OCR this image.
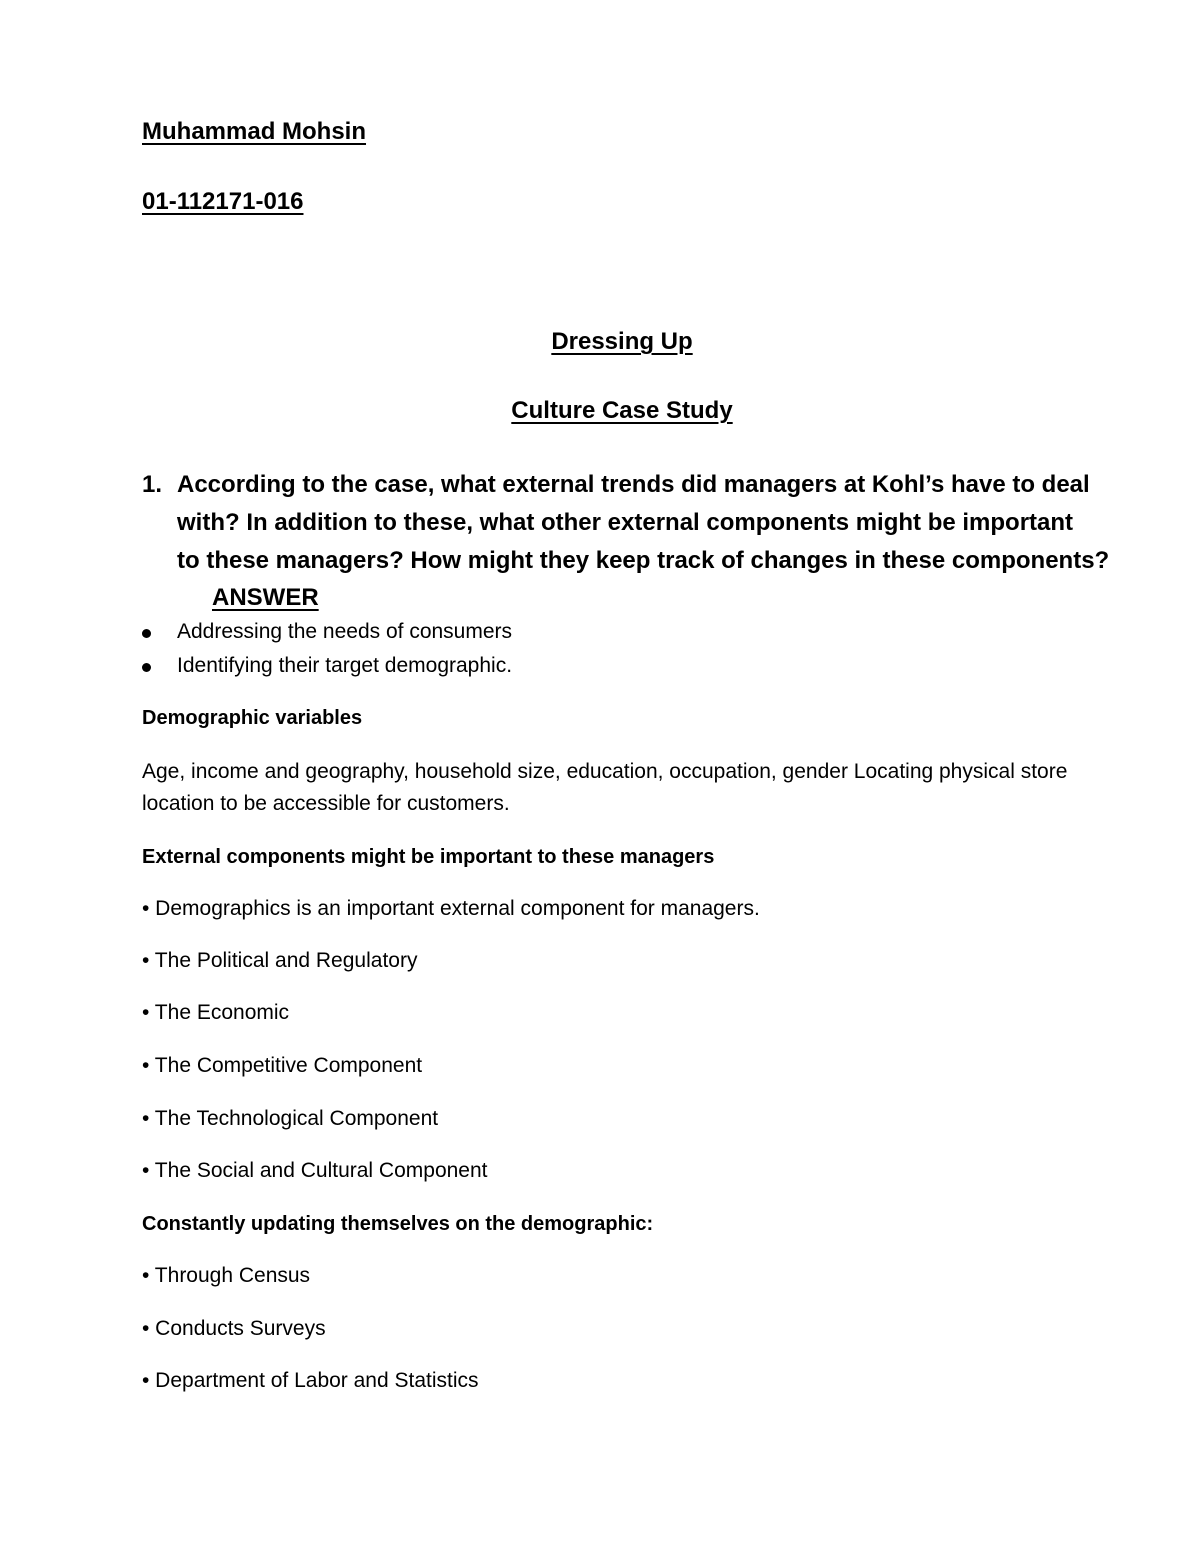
Muhammad Mohsin
01-112171-016
Dressing Up
Culture Case Study
1. According to the case, what external trends did managers at Kohl’s have to deal
with? In addition to these, what other external components might be important
to these managers? How might they keep track of changes in these components?
ANSWER
Addressing the needs of consumers
Identifying their target demographic.
Demographic variables
Age, income and geography, household size, education, occupation, gender Locating physical store location to be accessible for customers.
External components might be important to these managers
• Demographics is an important external component for managers.
• The Political and Regulatory
• The Economic
• The Competitive Component
• The Technological Component
• The Social and Cultural Component
Constantly updating themselves on the demographic:
• Through Census
• Conducts Surveys
• Department of Labor and Statistics
